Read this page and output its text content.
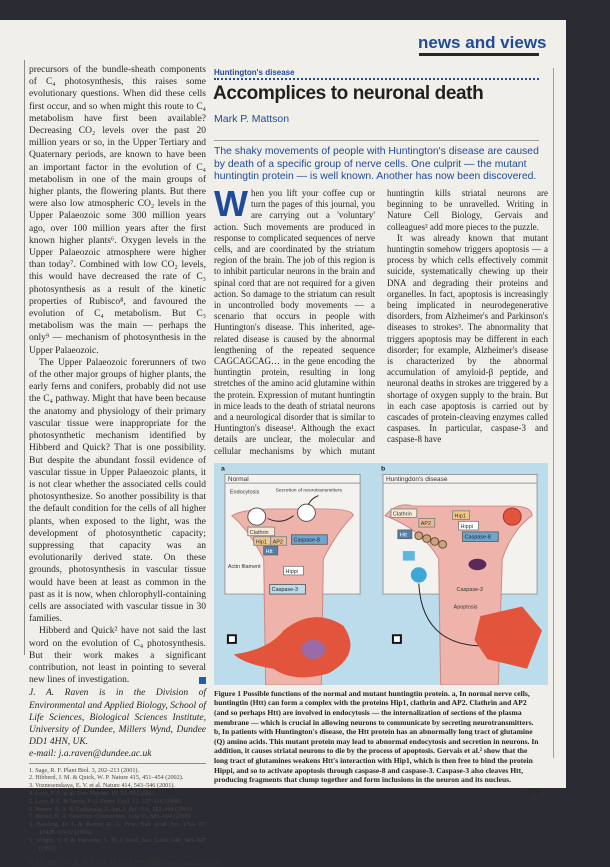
news and views

precursors of the bundle-sheath components of C₄ photosynthesis, this raises some evolutionary questions. When did these cells first occur, and so when might this route to C₄ metabolism have first been available? Decreasing CO₂ levels over the past 20 million years or so, in the Upper Tertiary and Quaternary periods, are known to have been an important factor in the evolution of C₄ metabolism in one of the main groups of higher plants, the flowering plants. But there were also low atmospheric CO₂ levels in the Upper Palaeozoic some 300 million years ago, over 100 million years after the first known higher plants⁶. Oxygen levels in the Upper Palaeozoic atmosphere were higher than today⁷. Combined with low CO₂ levels, this would have decreased the rate of C₃ photosynthesis as a result of the kinetic properties of Rubisco⁸, and favoured the evolution of C₄ metabolism. But C₃ metabolism was the main — perhaps the only⁹ — mechanism of photosynthesis in the Upper Palaeozoic.

The Upper Palaeozoic forerunners of two of the other major groups of higher plants, the early ferns and conifers, probably did not use the C₄ pathway. Might that have been because the anatomy and physiology of their primary vascular tissue were inappropriate for the photosynthetic mechanism identified by Hibberd and Quick? That is one possibility. But despite the abundant fossil evidence of vascular tissue in Upper Palaeozoic plants, it is not clear whether the associated cells could photosynthesize. So another possibility is that the default condition for the cells of all higher plants, when exposed to the light, was the development of photosynthetic capacity; suppressing that capacity was an evolutionarily derived state. On these grounds, photosynthesis in vascular tissue would have been at least as common in the past as it is now, when chlorophyll-containing cells are associated with vascular tissue in 30 families.

Hibberd and Quick² have not said the last word on the evolution of C₄ photosynthesis. But their work makes a significant contribution, not least in pointing to several new lines of investigation.

J. A. Raven is in the Division of Environmental and Applied Biology, School of Life Sciences, Biological Sciences Institute, University of Dundee, Millers Wynd, Dundee DD1 4HN, UK.
e-mail: j.a.raven@dundee.ac.uk
1. Sage, R. F. Plant Biol. 3, 202–213 (2001).
2. Hibberd, J. M. & Quick, W. P. Nature 415, 451–454 (2002).
3. Voznesenskaya, E. V. et al. Nature 414, 543–546 (2001).
4. Levy, P. E. et al. Tree Physiol. 19, 53–58 (2001).
5. Levy, P. E. & Jarvis, P. G. Funct. Ecol. 12, 107–116 (1998).
6. Berner, R. A. & Kothavala, Z. Am. J. Sci. 301, 182–204 (2001).
7. Berner, R. A. Geochim. Cosmochim. Acta 65, 685–694 (2001).
8. Beerling, D. J. & Berner, R. A. Proc. Natl Acad. Sci. USA 97, 12428–12432 (2000).
9. Wright, V. P. & Vanstone, S. D. J. Geol. Soc. Lond. 148, 945–947 (1991).
NATURE | VOL 415 | 24 JANUARY 2002 | www.nature.com
Huntington's disease
Accomplices to neuronal death
Mark P. Mattson
The shaky movements of people with Huntington's disease are caused by death of a specific group of nerve cells. One culprit — the mutant huntingtin protein — is well known. Another has now been discovered.

When you lift your coffee cup or turn the pages of this journal, you are carrying out a 'voluntary' action. Such movements are produced in response to complicated sequences of nerve cells, and are coordinated by the striatum region of the brain. The job of this region is to inhibit particular neurons in the brain and spinal cord that are not required for a given action. So damage to the striatum can result in uncontrolled body movements — a scenario that occurs in people with Huntington's disease. This inherited, age-related disease is caused by the abnormal lengthening of the repeated sequence CAGCAGCAG… in the gene encoding the huntingtin protein, resulting in long stretches of the amino acid glutamine within the protein. Expression of mutant huntingtin in mice leads to the death of striatal neurons and a neurological disorder that is similar to Huntington's disease¹. Although the exact details are unclear, the molecular and cellular mechanisms by which mutant huntingtin kills striatal neurons are beginning to be unravelled. Writing in Nature Cell Biology, Gervais and colleagues² add more pieces to the puzzle.

It was already known that mutant huntingtin somehow triggers apoptosis — a process by which cells effectively commit suicide, systematically chewing up their DNA and degrading their proteins and organelles. In fact, apoptosis is increasingly being implicated in neurodegenerative disorders, from Alzheimer's and Parkinson's diseases to strokes³. The abnormality that triggers apoptosis may be different in each disorder; for example, Alzheimer's disease is characterized by the abnormal accumulation of amyloid-β peptide, and neuronal deaths in strokes are triggered by a shortage of oxygen supply to the brain. But in each case apoptosis is carried out by cascades of protein-cleaving enzymes called caspases. In particular, caspase-3 and caspase-8 have

a
Normal
Endocytosis	Secretion of neurotransmitters
Clathrin
Hip1 AP2
Htt
Caspase-8
Actin filament
Hippi
Caspase-3
b
Huntingdon's disease
Clathrin
AP2
Htt
Hip1
Hippi
Caspase-8
Caspase-3
Apoptosis
Figure 1 Possible functions of the normal and mutant huntingtin protein. a, In normal nerve cells, huntingtin (Htt) can form a complex with the proteins Hip1, clathrin and AP2. Clathrin and AP2 (and so perhaps Htt) are involved in endocytosis — the internalization of sections of the plasma membrane — which is crucial in allowing neurons to communicate by secreting neurotransmitters. b, In patients with Huntington's disease, the Htt protein has an abnormally long tract of glutamine (Q) amino acids. This mutant protein may lead to abnormal endocytosis and secretion in neurons. In addition, it causes striatal neurons to die by the process of apoptosis. Gervais et al.² show that the long tract of glutamines weakens Htt's interaction with Hip1, which is then free to bind the protein Hippi, and so to activate apoptosis through caspase-8 and caspase-3. Caspase-3 also cleaves Htt, producing fragments that clump together and form inclusions in the neuron and its nucleus.
377
